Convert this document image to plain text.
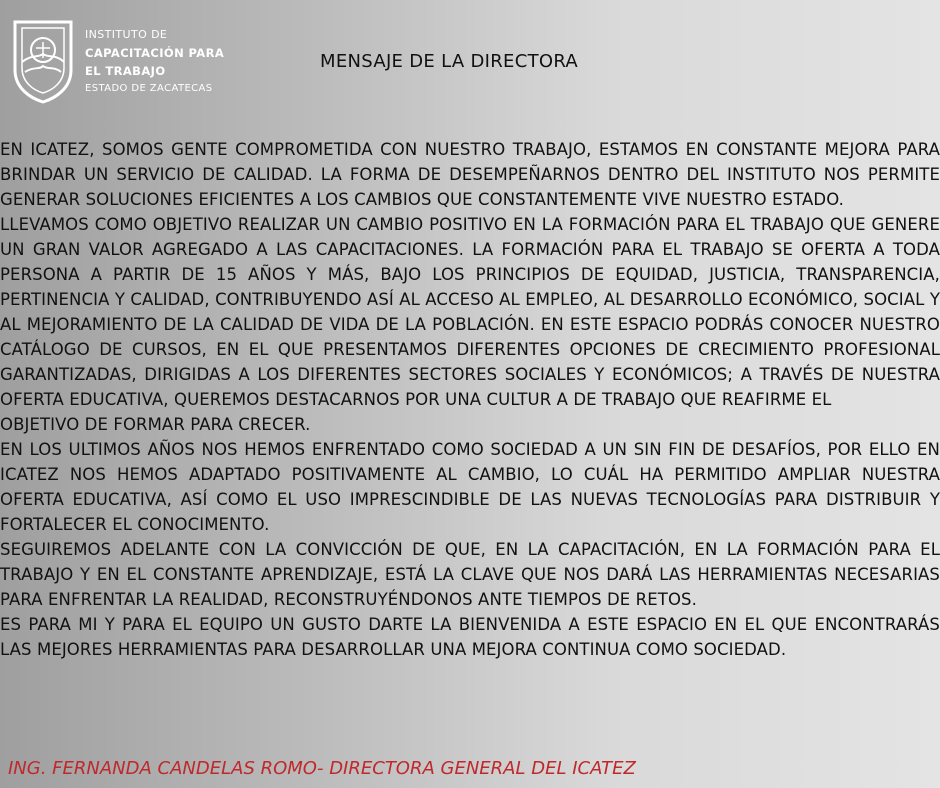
INSTITUTO DE
CAPACITACIÓN PARA
EL TRABAJO
ESTADO DE ZACATECAS
MENSAJE DE LA DIRECTORA

EN ICATEZ, SOMOS GENTE COMPROMETIDA CON NUESTRO TRABAJO, ESTAMOS EN CONSTANTE MEJORA PARA BRINDAR UN SERVICIO DE CALIDAD. LA FORMA DE DESEMPEÑARNOS DENTRO DEL INSTITUTO NOS PERMITE GENERAR SOLUCIONES EFICIENTES A LOS CAMBIOS QUE CONSTANTEMENTE VIVE NUESTRO ESTADO.

LLEVAMOS COMO OBJETIVO REALIZAR UN CAMBIO POSITIVO EN LA FORMACIÓN PARA EL TRABAJO QUE GENERE UN GRAN VALOR AGREGADO A LAS CAPACITACIONES. LA FORMACIÓN PARA EL TRABAJO SE OFERTA A TODA PERSONA A PARTIR DE 15 AÑOS Y MÁS, BAJO LOS PRINCIPIOS DE EQUIDAD, JUSTICIA, TRANSPARENCIA, PERTINENCIA Y CALIDAD, CONTRIBUYENDO ASÍ AL ACCESO AL EMPLEO, AL DESARROLLO ECONÓMICO, SOCIAL Y AL MEJORAMIENTO DE LA CALIDAD DE VIDA DE LA POBLACIÓN. EN ESTE ESPACIO PODRÁS CONOCER NUESTRO CATÁLOGO DE CURSOS, EN EL QUE PRESENTAMOS DIFERENTES OPCIONES DE CRECIMIENTO PROFESIONAL GARANTIZADAS, DIRIGIDAS A LOS DIFERENTES SECTORES SOCIALES Y ECONÓMICOS; A TRAVÉS DE NUESTRA OFERTA EDUCATIVA, QUEREMOS DESTACARNOS POR UNA CULTUR A DE TRABAJO QUE REAFIRME EL

OBJETIVO DE FORMAR PARA CRECER.

EN LOS ULTIMOS AÑOS NOS HEMOS ENFRENTADO COMO SOCIEDAD A UN SIN FIN DE DESAFÍOS, POR ELLO EN ICATEZ NOS HEMOS ADAPTADO POSITIVAMENTE AL CAMBIO, LO CUÁL HA PERMITIDO AMPLIAR NUESTRA OFERTA EDUCATIVA, ASÍ COMO EL USO IMPRESCINDIBLE DE LAS NUEVAS TECNOLOGÍAS PARA DISTRIBUIR Y FORTALECER EL CONOCIMENTO.

SEGUIREMOS ADELANTE CON LA CONVICCIÓN DE QUE, EN LA CAPACITACIÓN, EN LA FORMACIÓN PARA EL TRABAJO Y EN EL CONSTANTE APRENDIZAJE, ESTÁ LA CLAVE QUE NOS DARÁ LAS HERRAMIENTAS NECESARIAS PARA ENFRENTAR LA REALIDAD, RECONSTRUYÉNDONOS ANTE TIEMPOS DE RETOS.

ES PARA MI Y PARA EL EQUIPO UN GUSTO DARTE LA BIENVENIDA A ESTE ESPACIO EN EL QUE ENCONTRARÁS LAS MEJORES HERRAMIENTAS PARA DESARROLLAR UNA MEJORA CONTINUA COMO SOCIEDAD.

ING. FERNANDA CANDELAS ROMO- DIRECTORA GENERAL DEL ICATEZ
